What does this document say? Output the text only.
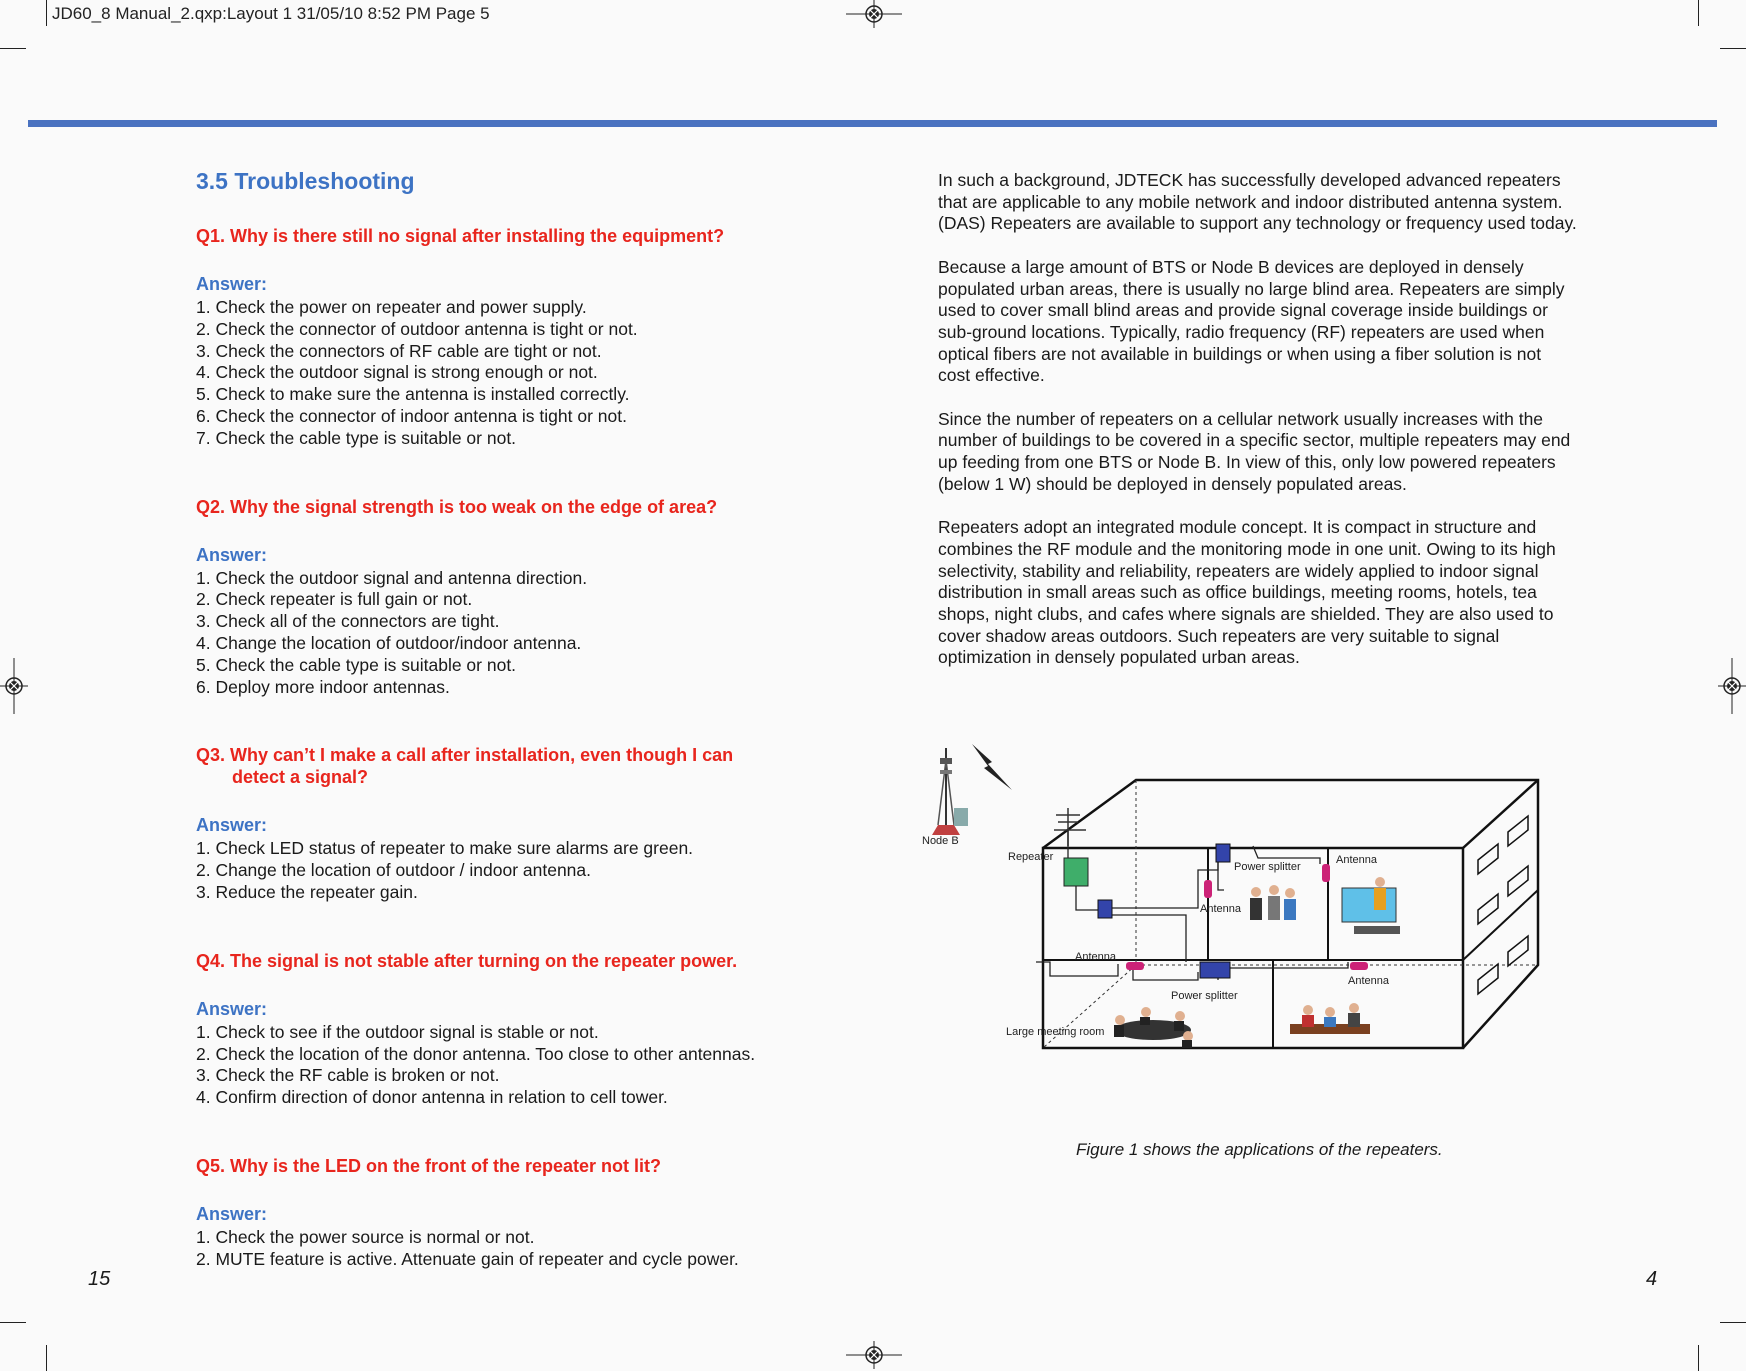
JD60_8 Manual_2.qxp:Layout 1 31/05/10 8:52 PM Page 5
3.5 Troubleshooting
Q1. Why is there still no signal after installing the equipment?
Answer:
1. Check the power on repeater and power supply.
2. Check the connector of outdoor antenna is tight or not.
3. Check the connectors of RF cable are tight or not.
4. Check the outdoor signal is strong enough or not.
5. Check to make sure the antenna is installed correctly.
6. Check the connector of indoor antenna is tight or not.
7. Check the cable type is suitable or not.
Q2. Why the signal strength is too weak on the edge of area?
Answer:
1. Check the outdoor signal and antenna direction.
2. Check repeater is full gain or not.
3. Check all of the connectors are tight.
4. Change the location of outdoor/indoor antenna.
5. Check the cable type is suitable or not.
6. Deploy more indoor antennas.
Q3. Why can’t I make a call after installation, even though I can
detect a signal?
Answer:
1. Check LED status of repeater to make sure alarms are green.
2. Change the location of outdoor / indoor antenna.
3. Reduce the repeater gain.
Q4. The signal is not stable after turning on the repeater power.
Answer:
1. Check to see if the outdoor signal is stable or not.
2. Check the location of the donor antenna. Too close to other antennas.
3. Check the RF cable is broken or not.
4. Confirm direction of donor antenna in relation to cell tower.
Q5. Why is the LED on the front of the repeater not lit?
Answer:
1. Check the power source is normal or not.
2. MUTE feature is active. Attenuate gain of repeater and cycle power.
15

In such a background, JDTECK has successfully developed advanced repeaters that are applicable to any mobile network and indoor distributed antenna system. (DAS) Repeaters are available to support any technology or frequency used today.

Because a large amount of BTS or Node B devices are deployed in densely populated urban areas, there is usually no large blind area. Repeaters are simply used to cover small blind areas and provide signal coverage inside buildings or sub-ground locations. Typically, radio frequency (RF) repeaters are used when optical fibers are not available in buildings or when using a fiber solution is not cost effective.

Since the number of repeaters on a cellular network usually increases with the number of buildings to be covered in a specific sector, multiple repeaters may end up feeding from one BTS or Node B. In view of this, only low powered repeaters (below 1 W) should be deployed in densely populated areas.

Repeaters adopt an integrated module concept. It is compact in structure and combines the RF module and the monitoring mode in one unit. Owing to its high selectivity, stability and reliability, repeaters are widely applied to indoor signal distribution in small areas such as office buildings, meeting rooms, hotels, tea shops, night clubs, and cafes where signals are shielded. They are also used to cover shadow areas outdoors. Such repeaters are very suitable to signal optimization in densely populated urban areas.

Node B
Repeater
Power splitter
Antenna
Antenna
Antenna
Power splitter
Antenna
Large meeting room
Figure 1 shows the applications of the repeaters.
4
